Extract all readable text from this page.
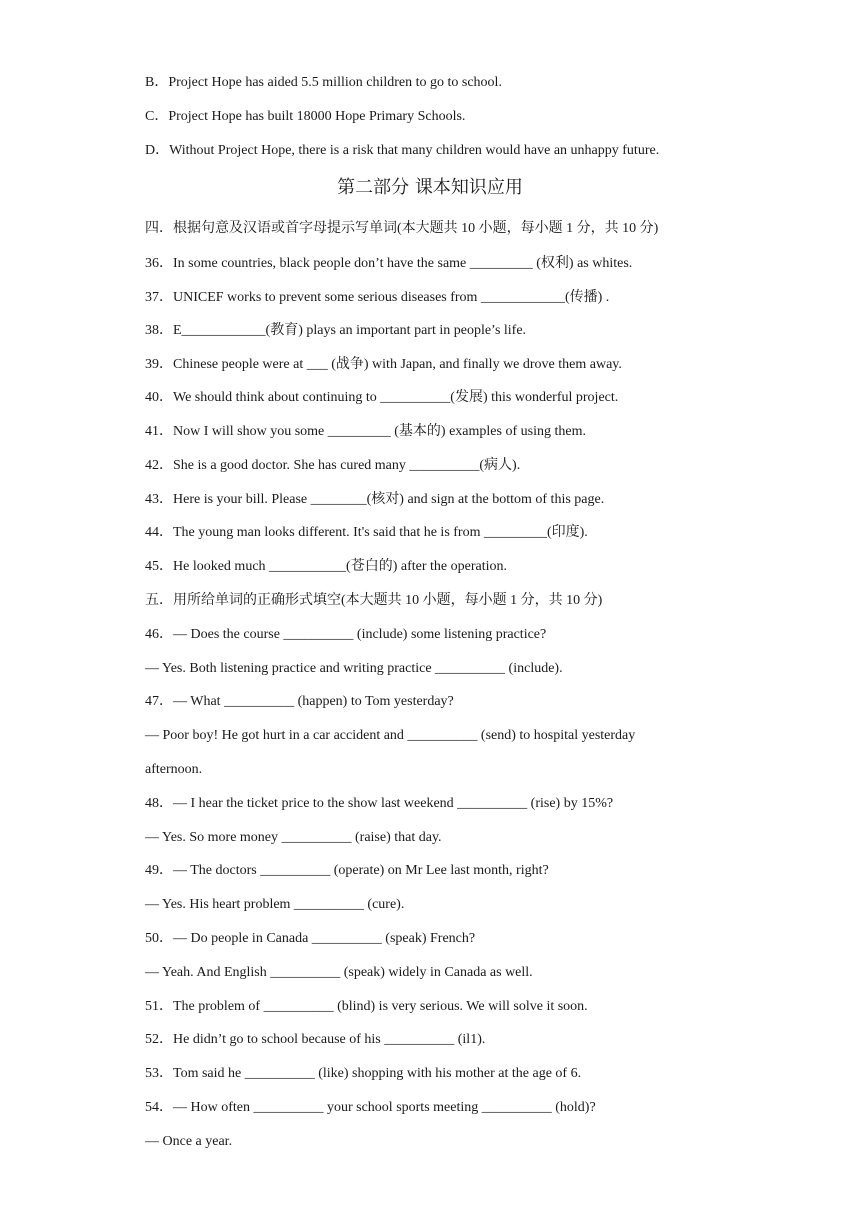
B．Project Hope has aided 5.5 million children to go to school.
C．Project Hope has built 18000 Hope Primary Schools.
D．Without Project Hope, there is a risk that many children would have an unhappy future.
第二部分 课本知识应用
四．根据句意及汉语或首字母提示写单词(本大题共 10 小题，每小题 1 分，共 10 分)
36．In some countries, black people don’t have the same _________ (权利) as whites.
37．UNICEF works to prevent some serious diseases from ____________(传播) .
38．E____________(教育) plays an important part in people’s life.
39．Chinese people were at ___ (战争) with Japan, and finally we drove them away.
40．We should think about continuing to __________(发展) this wonderful project.
41．Now I will show you some _________ (基本的) examples of using them.
42．She is a good doctor. She has cured many __________(病人).
43．Here is your bill. Please ________(核对) and sign at the bottom of this page.
44．The young man looks different. It's said that he is from _________(印度).
45．He looked much ___________(苍白的) after the operation.
五．用所给单词的正确形式填空(本大题共 10 小题，每小题 1 分，共 10 分)
46．— Does the course __________ (include) some listening practice?
— Yes. Both listening practice and writing practice __________ (include).
47．— What __________ (happen) to Tom yesterday?
— Poor boy! He got hurt in a car accident and __________ (send) to hospital yesterday
afternoon.
48．— I hear the ticket price to the show last weekend __________ (rise) by 15%?
— Yes. So more money __________ (raise) that day.
49．— The doctors __________ (operate) on Mr Lee last month, right?
— Yes. His heart problem __________ (cure).
50．— Do people in Canada __________ (speak) French?
— Yeah. And English __________ (speak) widely in Canada as well.
51．The problem of __________ (blind) is very serious. We will solve it soon.
52．He didn’t go to school because of his __________ (il1).
53．Tom said he __________ (like) shopping with his mother at the age of 6.
54．— How often __________ your school sports meeting __________ (hold)?
— Once a year.
